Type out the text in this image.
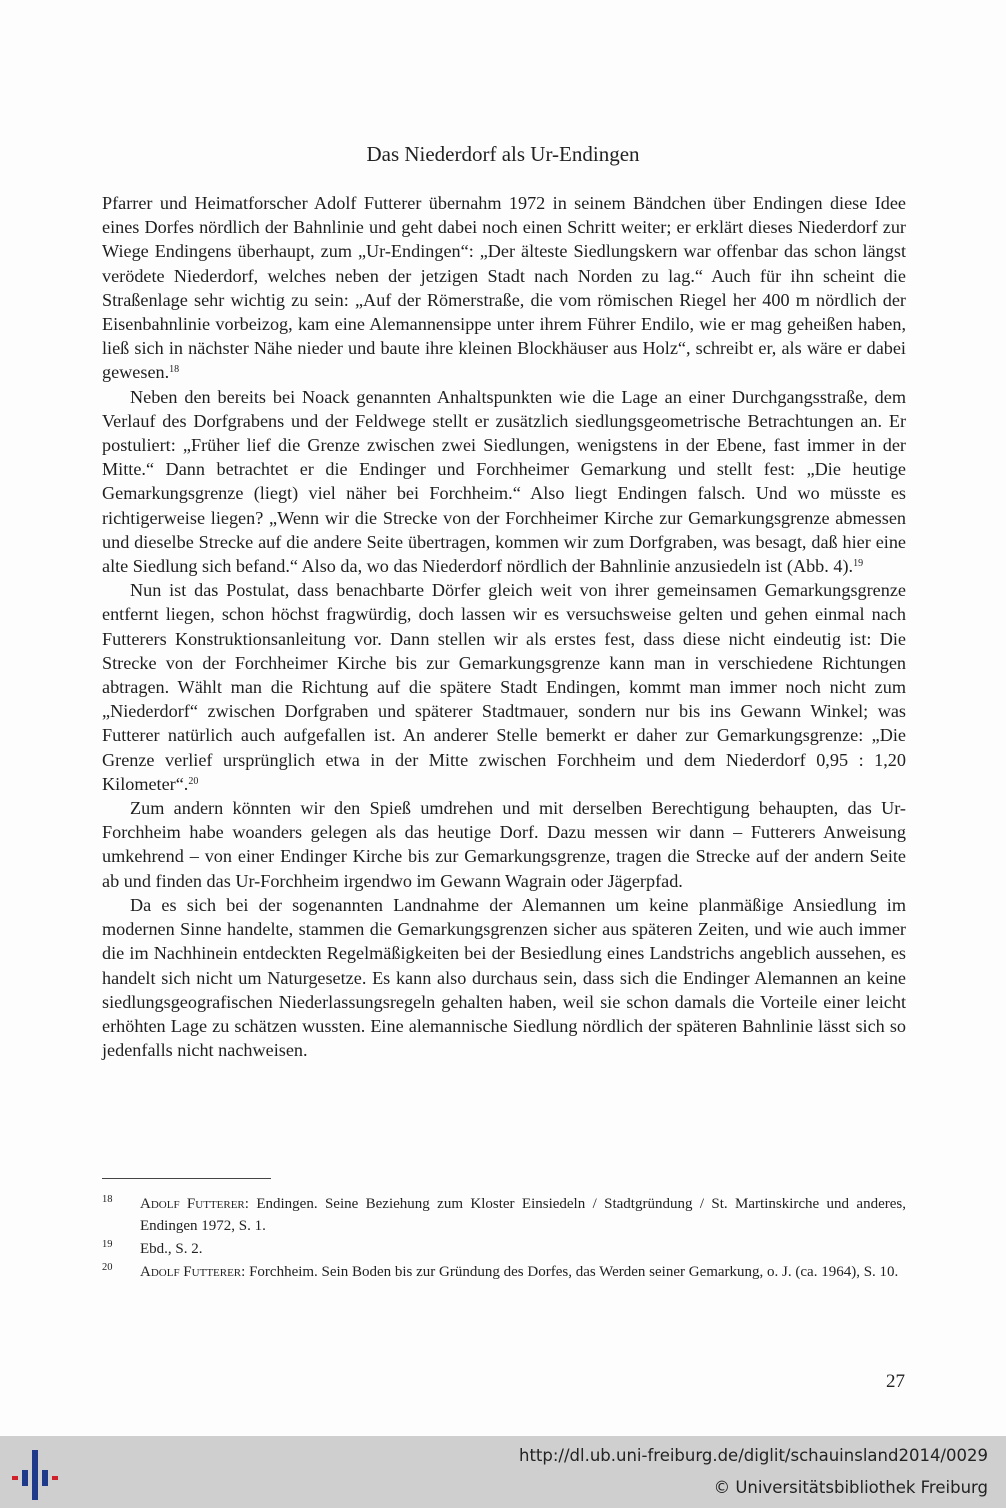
Das Niederdorf als Ur-Endingen

Pfarrer und Heimatforscher Adolf Futterer übernahm 1972 in seinem Bändchen über Endingen diese Idee eines Dorfes nördlich der Bahnlinie und geht dabei noch einen Schritt weiter; er erklärt dieses Niederdorf zur Wiege Endingens überhaupt, zum „Ur-Endingen“: „Der älteste Siedlungskern war offenbar das schon längst verödete Niederdorf, welches neben der jetzigen Stadt nach Norden zu lag.“ Auch für ihn scheint die Straßenlage sehr wichtig zu sein: „Auf der Römerstraße, die vom römischen Riegel her 400 m nördlich der Eisenbahnlinie vorbeizog, kam eine Alemannensippe unter ihrem Führer Endilo, wie er mag geheißen haben, ließ sich in nächster Nähe nieder und baute ihre kleinen Blockhäuser aus Holz“, schreibt er, als wäre er dabei gewesen.$^{18}$

Neben den bereits bei Noack genannten Anhaltspunkten wie die Lage an einer Durchgangsstraße, dem Verlauf des Dorfgrabens und der Feldwege stellt er zusätzlich siedlungsgeometrische Betrachtungen an. Er postuliert: „Früher lief die Grenze zwischen zwei Siedlungen, wenigstens in der Ebene, fast immer in der Mitte.“ Dann betrachtet er die Endinger und Forchheimer Gemarkung und stellt fest: „Die heutige Gemarkungsgrenze (liegt) viel näher bei Forchheim.“ Also liegt Endingen falsch. Und wo müsste es richtigerweise liegen? „Wenn wir die Strecke von der Forchheimer Kirche zur Gemarkungsgrenze abmessen und dieselbe Strecke auf die andere Seite übertragen, kommen wir zum Dorfgraben, was besagt, daß hier eine alte Siedlung sich befand.“ Also da, wo das Niederdorf nördlich der Bahnlinie anzusiedeln ist (Abb. 4).$^{19}$

Nun ist das Postulat, dass benachbarte Dörfer gleich weit von ihrer gemeinsamen Gemarkungsgrenze entfernt liegen, schon höchst fragwürdig, doch lassen wir es versuchsweise gelten und gehen einmal nach Futterers Konstruktionsanleitung vor. Dann stellen wir als erstes fest, dass diese nicht eindeutig ist: Die Strecke von der Forchheimer Kirche bis zur Gemarkungsgrenze kann man in verschiedene Richtungen abtragen. Wählt man die Richtung auf die spätere Stadt Endingen, kommt man immer noch nicht zum „Niederdorf“ zwischen Dorfgraben und späterer Stadtmauer, sondern nur bis ins Gewann Winkel; was Futterer natürlich auch aufgefallen ist. An anderer Stelle bemerkt er daher zur Gemarkungsgrenze: „Die Grenze verlief ursprünglich etwa in der Mitte zwischen Forchheim und dem Niederdorf 0,95 : 1,20 Kilometer“.$^{20}$

Zum andern könnten wir den Spieß umdrehen und mit derselben Berechtigung behaupten, das Ur-Forchheim habe woanders gelegen als das heutige Dorf. Dazu messen wir dann – Futterers Anweisung umkehrend – von einer Endinger Kirche bis zur Gemarkungsgrenze, tragen die Strecke auf der andern Seite ab und finden das Ur-Forchheim irgendwo im Gewann Wagrain oder Jägerpfad.

Da es sich bei der sogenannten Landnahme der Alemannen um keine planmäßige Ansiedlung im modernen Sinne handelte, stammen die Gemarkungsgrenzen sicher aus späteren Zeiten, und wie auch immer die im Nachhinein entdeckten Regelmäßigkeiten bei der Besiedlung eines Landstrichs angeblich aussehen, es handelt sich nicht um Naturgesetze. Es kann also durchaus sein, dass sich die Endinger Alemannen an keine siedlungsgeografischen Niederlassungsregeln gehalten haben, weil sie schon damals die Vorteile einer leicht erhöhten Lage zu schätzen wussten. Eine alemannische Siedlung nördlich der späteren Bahnlinie lässt sich so jedenfalls nicht nachweisen.

18 Adolf Futterer: Endingen. Seine Beziehung zum Kloster Einsiedeln / Stadtgründung / St. Martinskirche und anderes, Endingen 1972, S. 1.
19 Ebd., S. 2.
20 Adolf Futterer: Forchheim. Sein Boden bis zur Gründung des Dorfes, das Werden seiner Gemarkung, o. J. (ca. 1964), S. 10.
27
http://dl.ub.uni-freiburg.de/diglit/schauinsland2014/0029
© Universitätsbibliothek Freiburg
